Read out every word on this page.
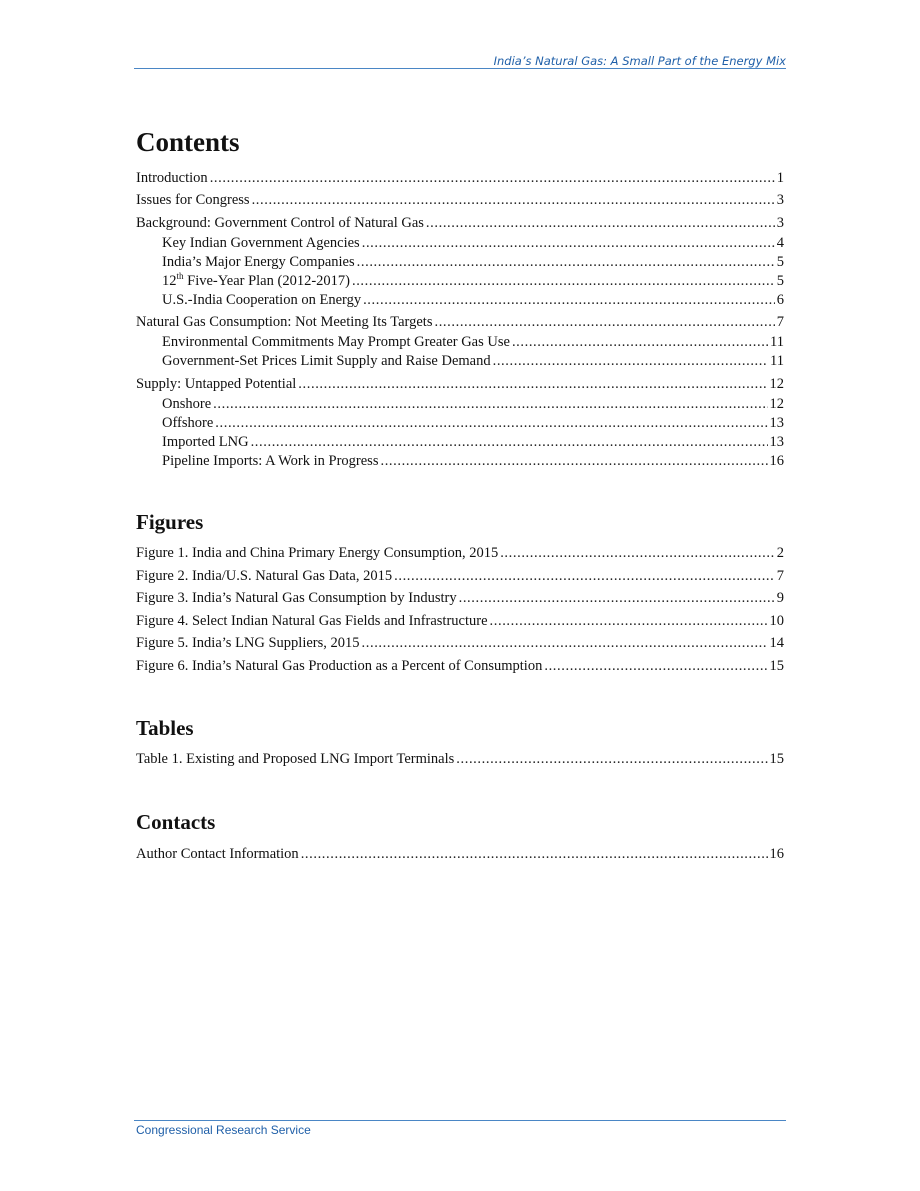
India’s Natural Gas: A Small Part of the Energy Mix
Contents
Introduction .....	1
Issues for Congress .....	3
Background: Government Control of Natural Gas .....	3
Key Indian Government Agencies .....	4
India’s Major Energy Companies .....	5
12th Five-Year Plan (2012-2017) .....	5
U.S.-India Cooperation on Energy .....	6
Natural Gas Consumption: Not Meeting Its Targets .....	7
Environmental Commitments May Prompt Greater Gas Use .....	11
Government-Set Prices Limit Supply and Raise Demand .....	11
Supply: Untapped Potential .....	12
Onshore .....	12
Offshore .....	13
Imported LNG .....	13
Pipeline Imports: A Work in Progress .....	16
Figures
Figure 1. India and China Primary Energy Consumption, 2015 .....	2
Figure 2. India/U.S. Natural Gas Data, 2015 .....	7
Figure 3. India’s Natural Gas Consumption by Industry .....	9
Figure 4. Select Indian Natural Gas Fields and Infrastructure .....	10
Figure 5. India’s LNG Suppliers, 2015 .....	14
Figure 6. India’s Natural Gas Production as a Percent of Consumption .....	15
Tables
Table 1. Existing and Proposed LNG Import Terminals .....	15
Contacts
Author Contact Information .....	16
Congressional Research Service
